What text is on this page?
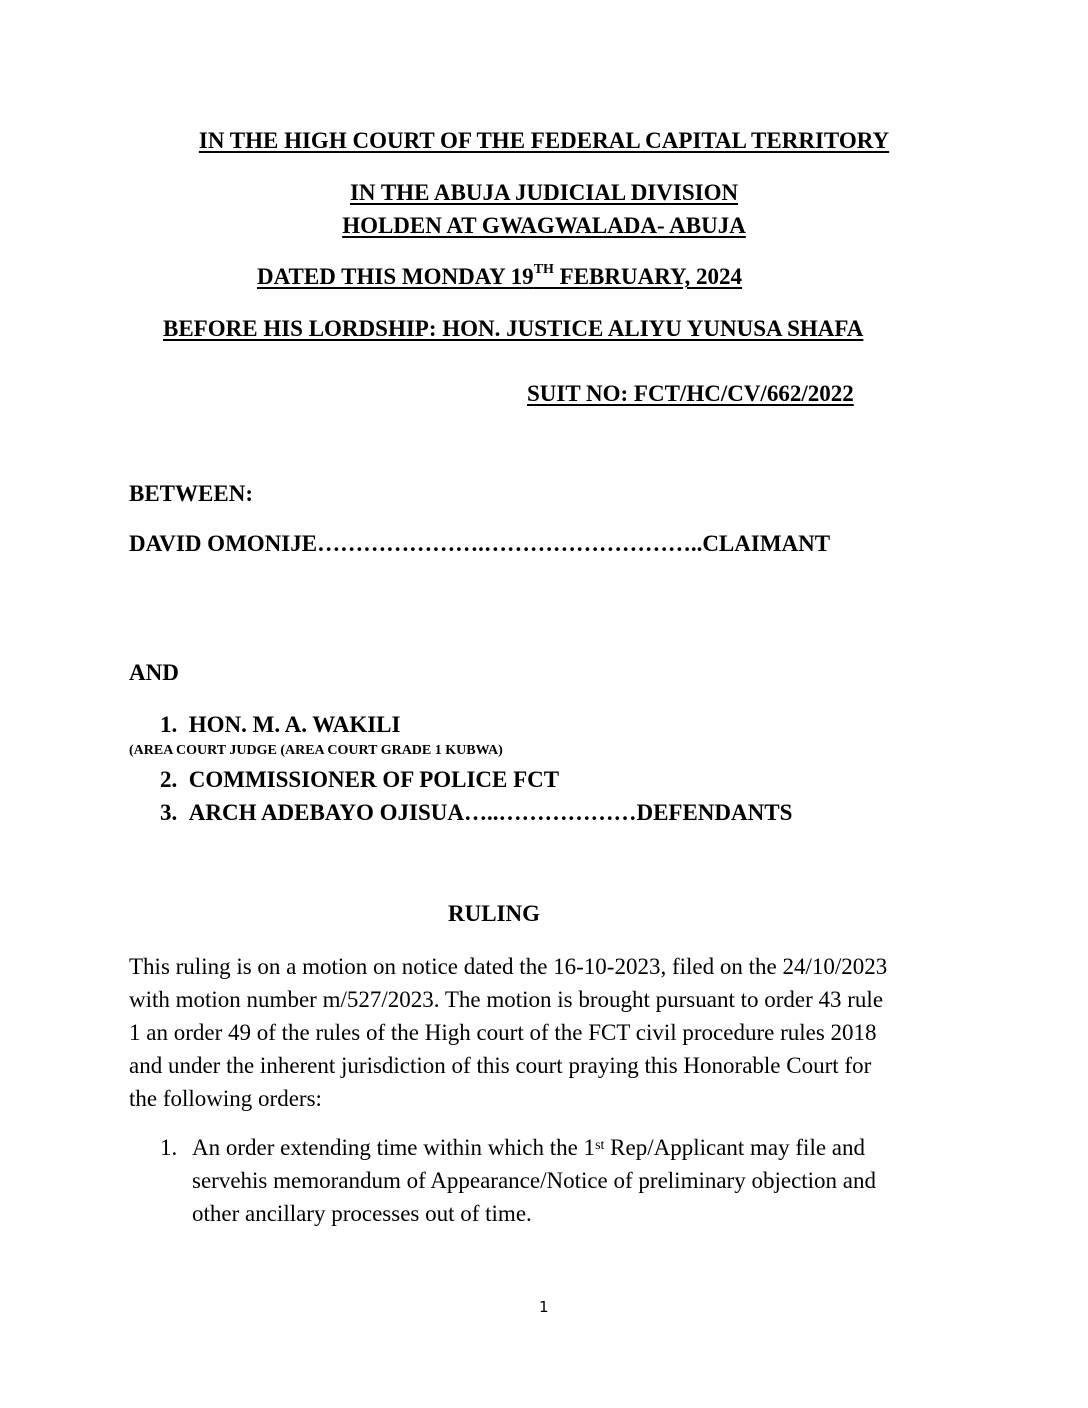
IN THE HIGH COURT OF THE FEDERAL CAPITAL TERRITORY
IN THE ABUJA JUDICIAL DIVISION
HOLDEN AT GWAGWALADA- ABUJA
DATED THIS MONDAY 19TH FEBRUARY, 2024
BEFORE HIS LORDSHIP: HON. JUSTICE ALIYU YUNUSA SHAFA
SUIT NO: FCT/HC/CV/662/2022
BETWEEN:
DAVID OMONIJE………………….………………………..CLAIMANT
AND
1. HON. M. A. WAKILI
(AREA COURT JUDGE (AREA COURT GRADE 1 KUBWA)
2. COMMISSIONER OF POLICE FCT
3. ARCH ADEBAYO OJISUA…..………………DEFENDANTS
RULING
This ruling is on a motion on notice dated the 16-10-2023, filed on the 24/10/2023
with motion number m/527/2023. The motion is brought pursuant to order 43 rule
1 an order 49 of the rules of the High court of the FCT civil procedure rules 2018
and under the inherent jurisdiction of this court praying this Honorable Court for
the following orders:
1. An order extending time within which the 1st Rep/Applicant may file and
servehis memorandum of Appearance/Notice of preliminary objection and
other ancillary processes out of time.
1
